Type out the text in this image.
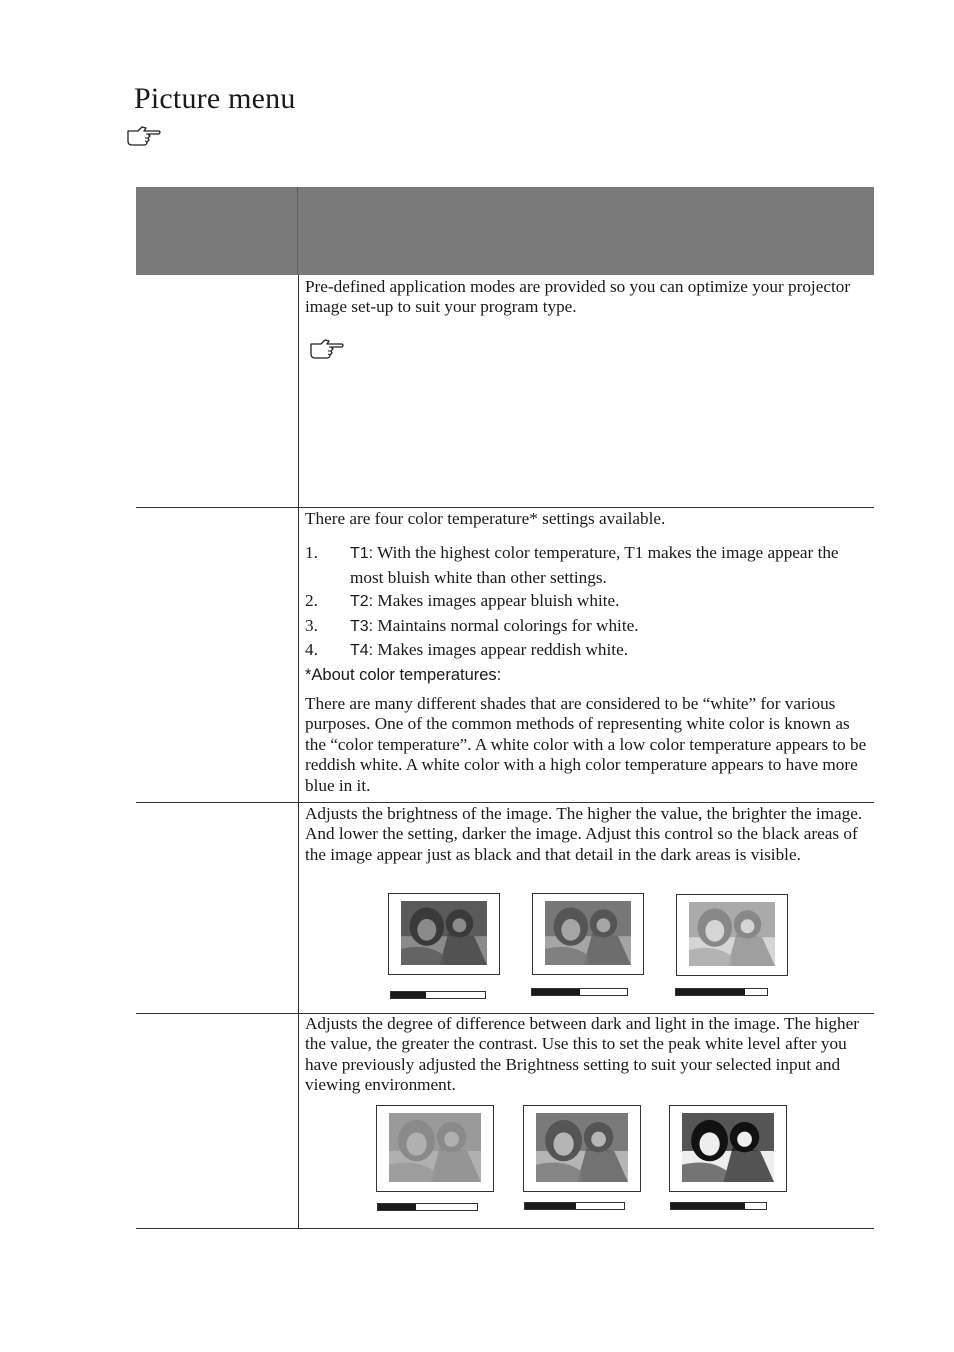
Picture menu
Pre-defined application modes are provided so you can optimize your projector image set-up to suit your program type.
There are four color temperature* settings available.
1. T1: With the highest color temperature, T1 makes the image appear the most bluish white than other settings.
2. T2: Makes images appear bluish white.
3. T3: Maintains normal colorings for white.
4. T4: Makes images appear reddish white.
*About color temperatures:
There are many different shades that are considered to be “white” for various purposes. One of the common methods of representing white color is known as the “color temperature”. A white color with a low color temperature appears to be reddish white. A white color with a high color temperature appears to have more blue in it.
Adjusts the brightness of the image. The higher the value, the brighter the image. And lower the setting, darker the image. Adjust this control so the black areas of the image appear just as black and that detail in the dark areas is visible.
Adjusts the degree of difference between dark and light in the image. The higher the value, the greater the contrast. Use this to set the peak white level after you have previously adjusted the Brightness setting to suit your selected input and viewing environment.
